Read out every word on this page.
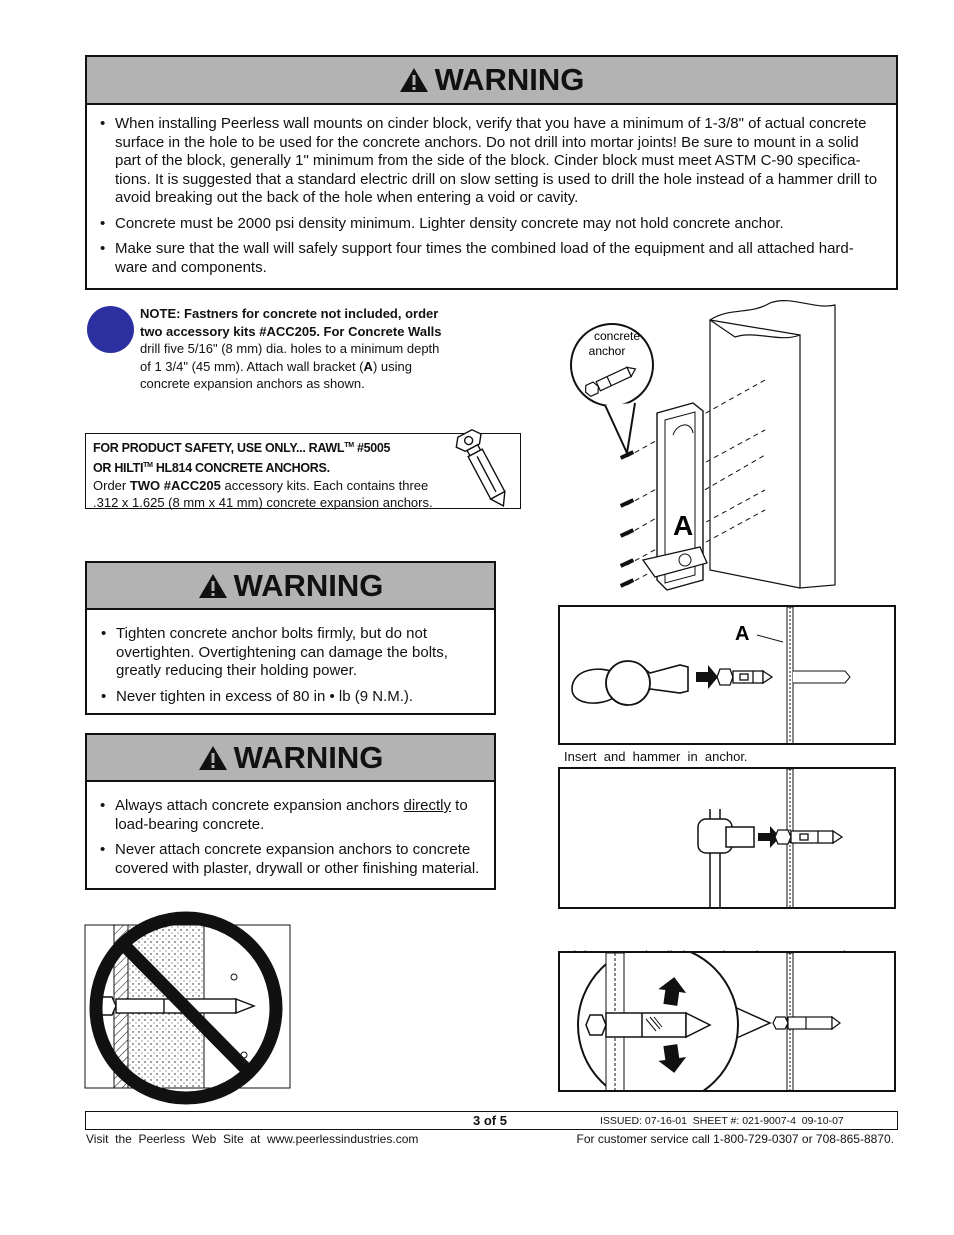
WARNING
• When installing Peerless wall mounts on cinder block, verify that you have a minimum of 1-3/8" of actual concrete surface in the hole to be used for the concrete anchors. Do not drill into mortar joints! Be sure to mount in a solid part of the block, generally 1" minimum from the side of the block. Cinder block must meet ASTM C-90 specifica-tions. It is suggested that a standard electric drill on slow setting is used to drill the hole instead of a hammer drill to avoid breaking out the back of the hole when entering a void or cavity.
• Concrete must be 2000 psi density minimum. Lighter density concrete may not hold concrete anchor.
• Make sure that the wall will safely support four times the combined load of the equipment and all attached hard-ware and components.
NOTE: Fastners for concrete not included, order
two accessory kits #ACC205. For Concrete Walls
drill five 5/16" (8 mm) dia. holes to a minimum depth
of 1 3/4" (45 mm). Attach wall bracket (A) using
concrete expansion anchors as shown.
FOR PRODUCT SAFETY, USE ONLY... RAWL™ #5005
OR HILTI™ HL814 CONCRETE ANCHORS.
Order TWO #ACC205 accessory kits. Each contains three
.312 x 1.625 (8 mm x 41 mm) concrete expansion anchors.
concrete
anchor
A
WARNING
• Tighten concrete anchor bolts firmly, but do not overtighten. Overtightening can damage the bolts, greatly reducing their holding power.
• Never tighten in excess of 80 in • lb (9 N.M.).
WARNING
• Always attach concrete expansion anchors directly to load-bearing concrete.
• Never attach concrete expansion anchors to concrete covered with plaster, drywall or other finishing material.
A
Insert  and  hammer  in  anchor.

3 of 5	ISSUED: 07-16-01  SHEET #: 021-9007-4  09-10-07
Visit  the  Peerless  Web  Site  at  www.peerlessindustries.com	For customer service call 1-800-729-0307 or 708-865-8870.
